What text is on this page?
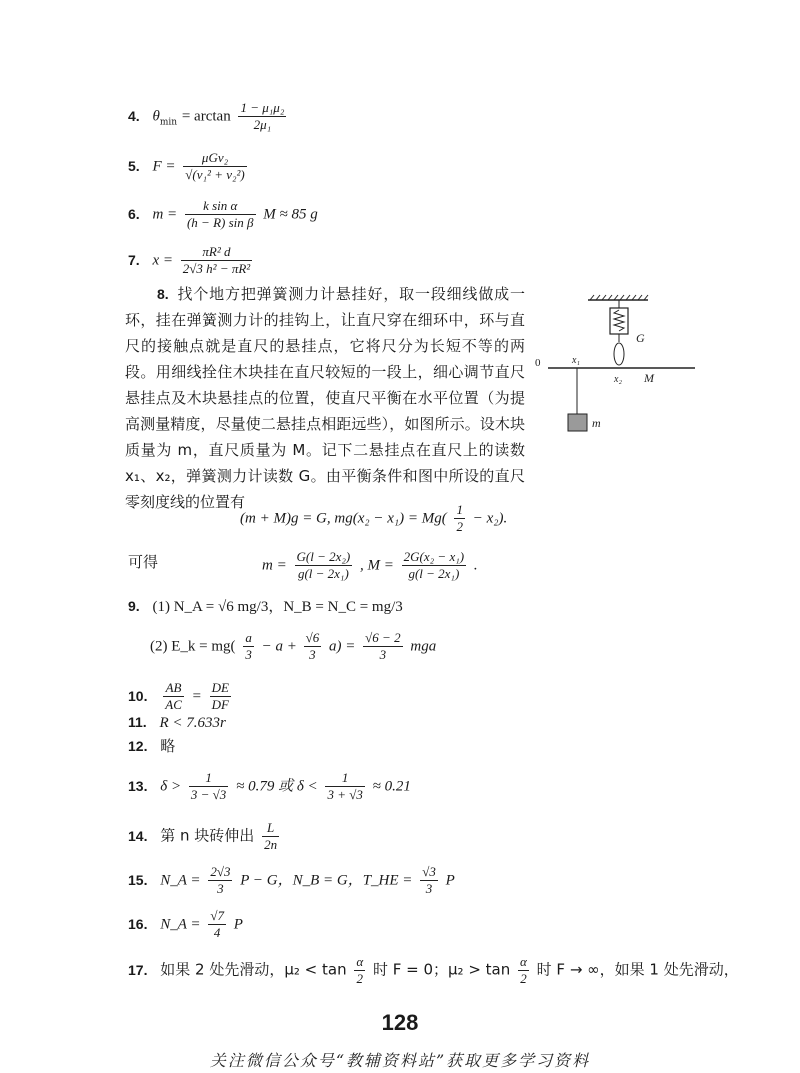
4. $\theta_{min} = \arctan \frac{\text{1 − μ₁μ₂}}{\text{2μ₁}}$
5. $F = \frac{\text{μGv₂}}{\text{√(v₁² + v₂²)}}$
6. $m = \frac{\text{k sin α}}{\text{(h − R) sin β}}$ M ≈ 85 g
7. $x = \frac{\text{πR² d}}{\text{2√3 h² − πR²}}$
8. 找个地方把弹簧测力计悬挂好，取一段细线做成一环，挂在弹簧测力计的挂钩上，让直尺穿在细环中，环与直尺的接触点就是直尺的悬挂点，它将尺分为长短不等的两段。用细线拴住木块挂在直尺较短的一段上，细心调节直尺悬挂点及木块悬挂点的位置，使直尺平衡在水平位置（为提高测量精度，尽量使二悬挂点相距远些），如图所示。设木块质量为 m，直尺质量为 M。记下二悬挂点在直尺上的读数 x₁、x₂，弹簧测力计读数 G。由平衡条件和图中所设的直尺零刻度线的位置有
G
0	x₁
x₂ M
m
(m + M)g = G, $mg(x_2 - x_1) = Mg( \frac{1}{2} - x_2)$.
可得	$m = \frac{\text{G(l − 2x₂)}}{\text{g(l − 2x₁)}}$ , $M = \frac{\text{2G(x₂ − x₁)}}{\text{g(l − 2x₁)}}$ .
9. (1) N_A = √6 mg/3，N_B = N_C = mg/3
(2) E_k = $mg( \frac{a}{3} - a + \frac{√6}{3} a) = \frac{√6 - 2}{3}$ mga
10. $\frac{AB}{AC} = \frac{DE}{DF}$
11. R < 7.633r
12. 略
13. $\delta > \frac{1}{3 - √3} \approx 0.79$ 或 $\delta < \frac{1}{3 + √3} \approx 0.21$
14. 第 n 块砖伸出 $\frac{L}{2n}$
15. N_A = $\frac{2√3}{3}$ P − G，N_B = G，T_HE = $\frac{√3}{3}$ P
16. N_A = $\frac{√7}{4}$ P
17. 如果 2 处先滑动，$\mu_2 < \tan \frac{\alpha}{2}$ 时 F = 0；$\mu_2 > \tan \frac{\alpha}{2}$ 时 F → ∞，如果 1 处先滑动，
128
关注微信公众号“教辅资料站”获取更多学习资料
